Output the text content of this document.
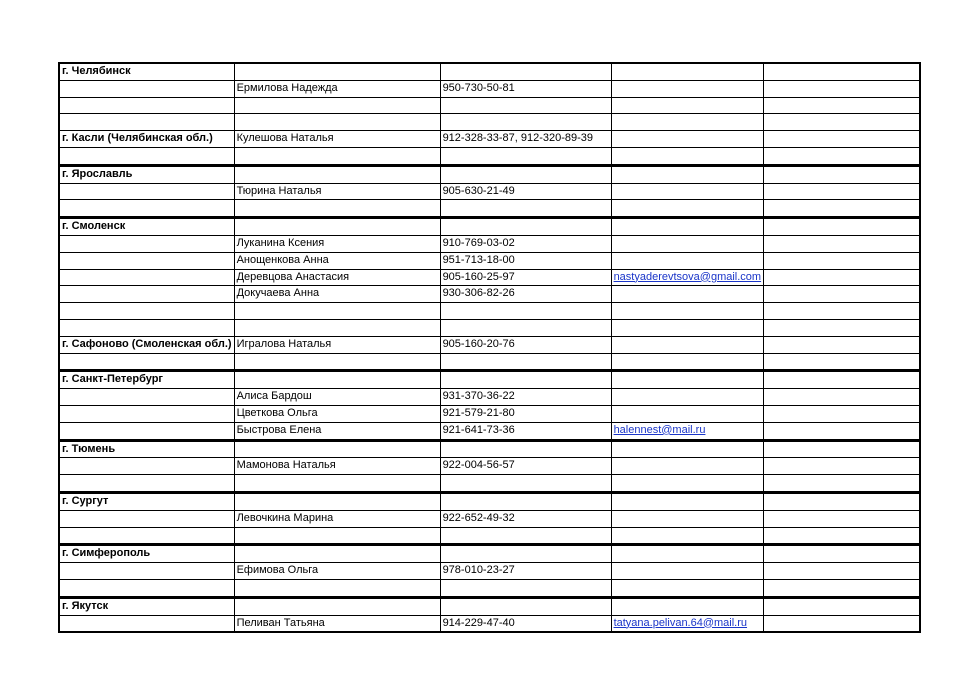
г. Челябинск				
	Ермилова Надежда	950-730-50-81		

г. Касли (Челябинская обл.)	Кулешова Наталья	912-328-33-87, 912-320-89-39		

г. Ярославль				
	Тюрина Наталья	905-630-21-49		

г. Смоленск				
	Луканина Ксения	910-769-03-02		
	Анощенкова Анна	951-713-18-00		
	Деревцова Анастасия	905-160-25-97	nastyaderevtsova@gmail.com	
	Докучаева Анна	930-306-82-26		

г. Сафоново (Смоленская обл.)	Игралова Наталья	905-160-20-76		

г. Санкт-Петербург				
	Алиса Бардош	931-370-36-22		
	Цветкова Ольга	921-579-21-80		
	Быстрова Елена	921-641-73-36	halennest@mail.ru	
г. Тюмень				
	Мамонова Наталья	922-004-56-57		

г. Сургут				
	Левочкина Марина	922-652-49-32		

г. Симферополь				
	Ефимова Ольга	978-010-23-27		

г. Якутск				
	Пеливан Татьяна	914-229-47-40	tatyana.pelivan.64@mail.ru	
